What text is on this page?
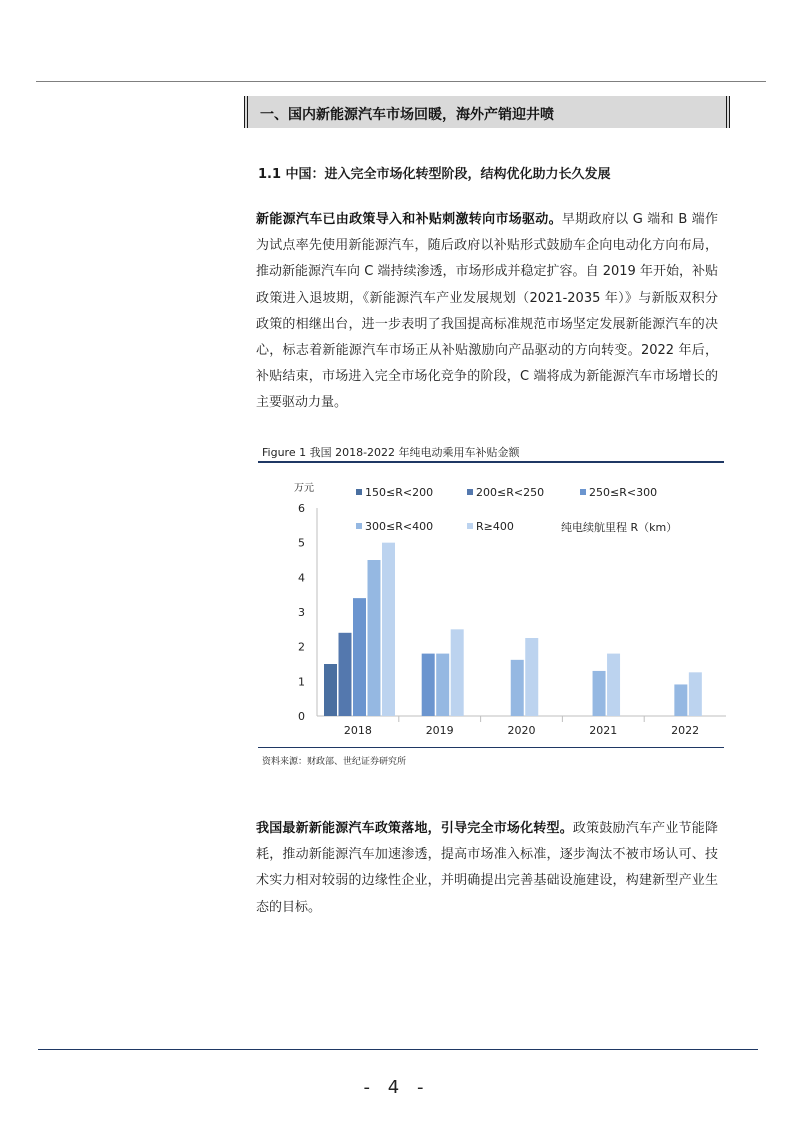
一、国内新能源汽车市场回暖，海外产销迎井喷
1.1 中国：进入完全市场化转型阶段，结构优化助力长久发展
新能源汽车已由政策导入和补贴刺激转向市场驱动。早期政府以 G 端和 B 端作为试点率先使用新能源汽车，随后政府以补贴形式鼓励车企向电动化方向布局，推动新能源汽车向 C 端持续渗透，市场形成并稳定扩容。自 2019 年开始，补贴政策进入退坡期，《新能源汽车产业发展规划（2021-2035 年）》与新版双积分政策的相继出台，进一步表明了我国提高标准规范市场坚定发展新能源汽车的决心，标志着新能源汽车市场正从补贴激励向产品驱动的方向转变。2022 年后，补贴结束，市场进入完全市场化竞争的阶段，C 端将成为新能源汽车市场增长的主要驱动力量。
Figure 1 我国 2018-2022 年纯电动乘用车补贴金额
0
1
2
3
4
5
6
万元
2018	2019	2020	2021	2022
150≤R<200	200≤R<250	250≤R<300
300≤R<400	R≥400	纯电续航里程 R（km）
资料来源：财政部、世纪证券研究所
我国最新新能源汽车政策落地，引导完全市场化转型。政策鼓励汽车产业节能降耗，推动新能源汽车加速渗透，提高市场准入标准，逐步淘汰不被市场认可、技术实力相对较弱的边缘性企业，并明确提出完善基础设施建设，构建新型产业生态的目标。
- 4 -
